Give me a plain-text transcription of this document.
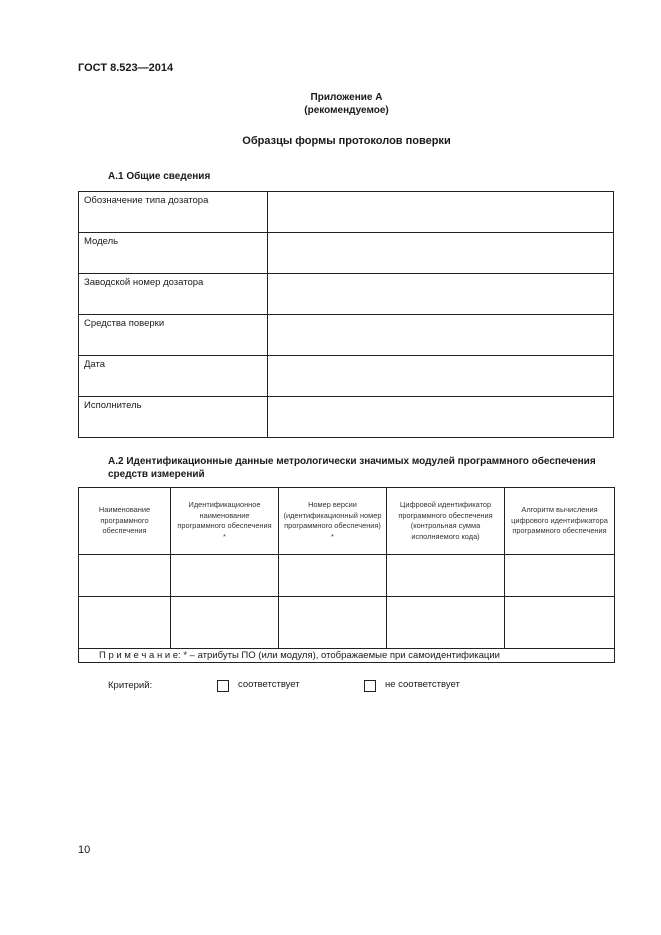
ГОСТ 8.523—2014
Приложение А
(рекомендуемое)
Образцы формы протоколов поверки
А.1 Общие сведения
Обозначение типа дозатора	
Модель	
Заводской номер дозатора	
Средства поверки	
Дата	
Исполнитель	
А.2 Идентификационные данные метрологически значимых модулей программного обеспечения средств измерений
Наименование программного обеспечения	Идентификационное наименование программного обеспечения *	Номер версии (идентификационный номер программного обеспечения) *	Цифровой идентификатор программного обеспечения (контрольная сумма исполняемого кода)	Алгоритм вычисления цифрового идентификатора программного обеспечения

П р и м е ч а н и е: * – атрибуты ПО (или модуля), отображаемые при самоидентификации				
Критерий:	соответствует	не соответствует
10
